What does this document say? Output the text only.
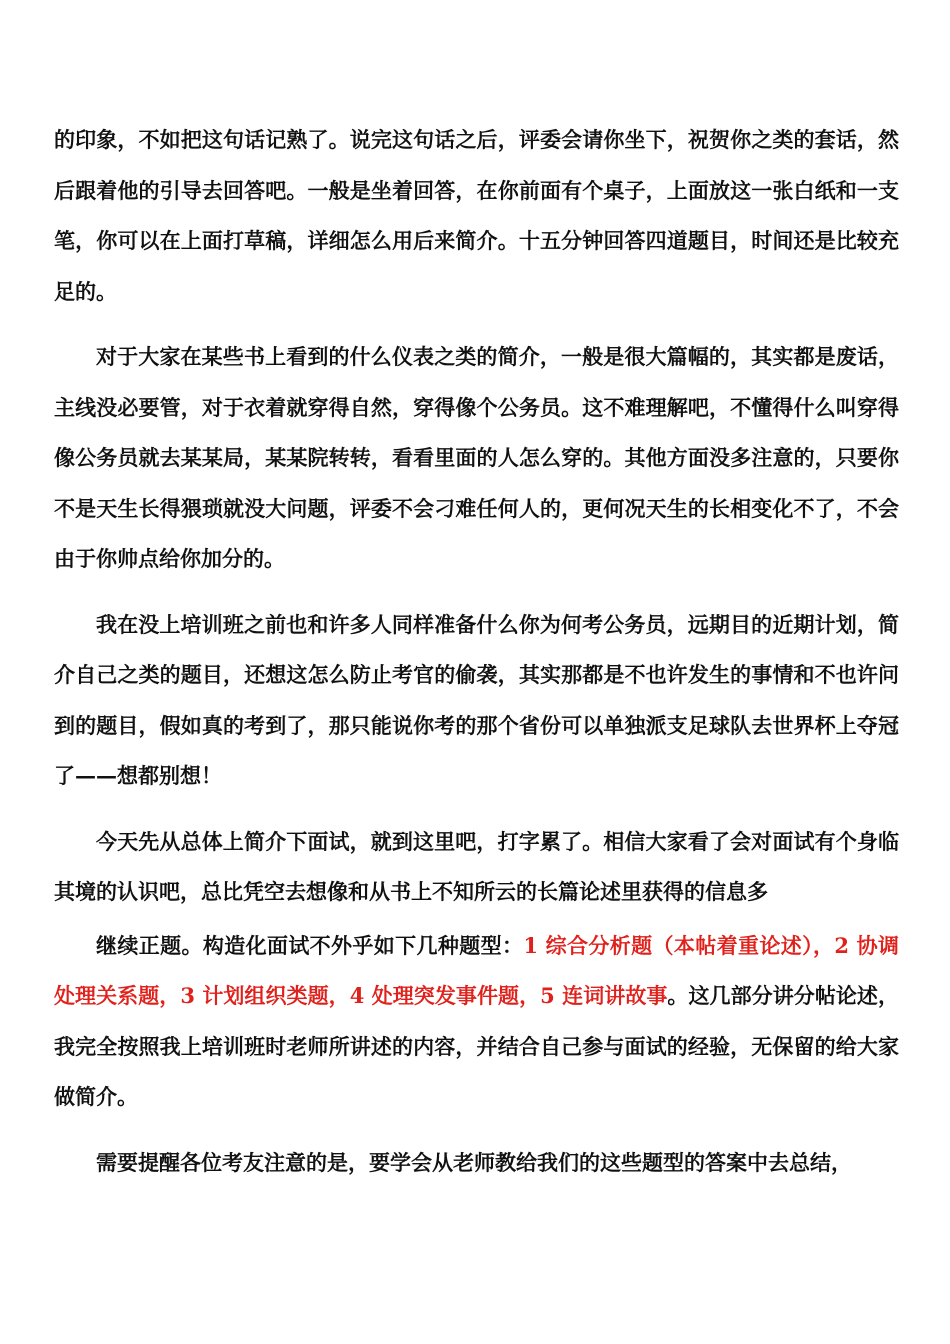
的印象，不如把这句话记熟了。说完这句话之后，评委会请你坐下，祝贺你之类的套话，然后跟着他的引导去回答吧。一般是坐着回答，在你前面有个桌子，上面放这一张白纸和一支笔，你可以在上面打草稿，详细怎么用后来简介。十五分钟回答四道题目，时间还是比较充足的。

对于大家在某些书上看到的什么仪表之类的简介，一般是很大篇幅的，其实都是废话，主线没必要管，对于衣着就穿得自然，穿得像个公务员。这不难理解吧，不懂得什么叫穿得像公务员就去某某局，某某院转转，看看里面的人怎么穿的。其他方面没多注意的，只要你不是天生长得猥琐就没大问题，评委不会刁难任何人的，更何况天生的长相变化不了，不会由于你帅点给你加分的。

我在没上培训班之前也和许多人同样准备什么你为何考公务员，远期目的近期计划，简介自己之类的题目，还想这怎么防止考官的偷袭，其实那都是不也许发生的事情和不也许问到的题目，假如真的考到了，那只能说你考的那个省份可以单独派支足球队去世界杯上夺冠了——想都别想！

今天先从总体上简介下面试，就到这里吧，打字累了。相信大家看了会对面试有个身临其境的认识吧，总比凭空去想像和从书上不知所云的长篇论述里获得的信息多

继续正题。构造化面试不外乎如下几种题型：1 综合分析题（本帖着重论述），2 协调处理关系题，3 计划组织类题，4 处理突发事件题，5 连词讲故事。这几部分讲分帖论述，我完全按照我上培训班时老师所讲述的内容，并结合自己参与面试的经验，无保留的给大家做简介。

需要提醒各位考友注意的是，要学会从老师教给我们的这些题型的答案中去总结，
